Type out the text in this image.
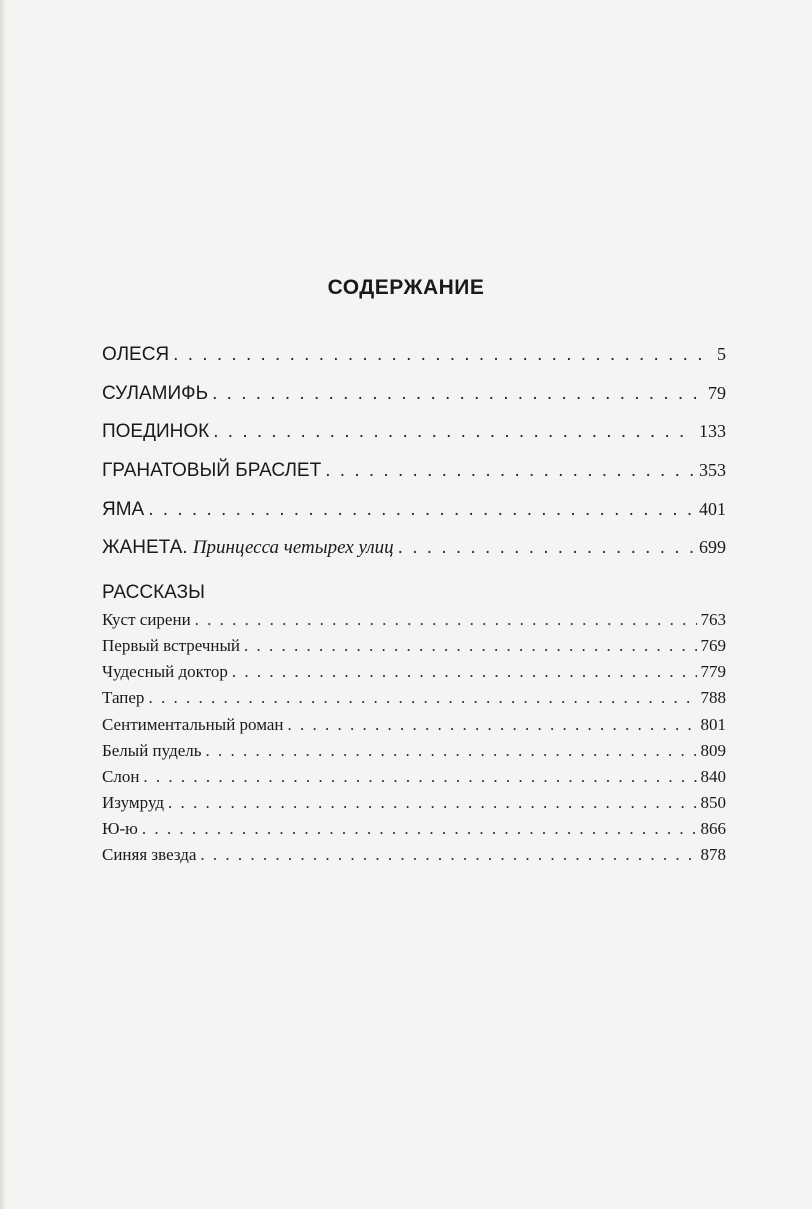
СОДЕРЖАНИЕ
ОЛЕСЯ . . .	5
СУЛАМИФЬ . . .	79
ПОЕДИНОК . . .	133
ГРАНАТОВЫЙ БРАСЛЕТ . . .	353
ЯМА . . .	401
ЖАНЕТА. Принцесса четырех улиц . . .	699
РАССКАЗЫ
Куст сирени . . .	763
Первый встречный . . .	769
Чудесный доктор . . .	779
Тапер . . .	788
Сентиментальный роман . . .	801
Белый пудель . . .	809
Слон . . .	840
Изумруд . . .	850
Ю-ю . . .	866
Синяя звезда . . .	878
